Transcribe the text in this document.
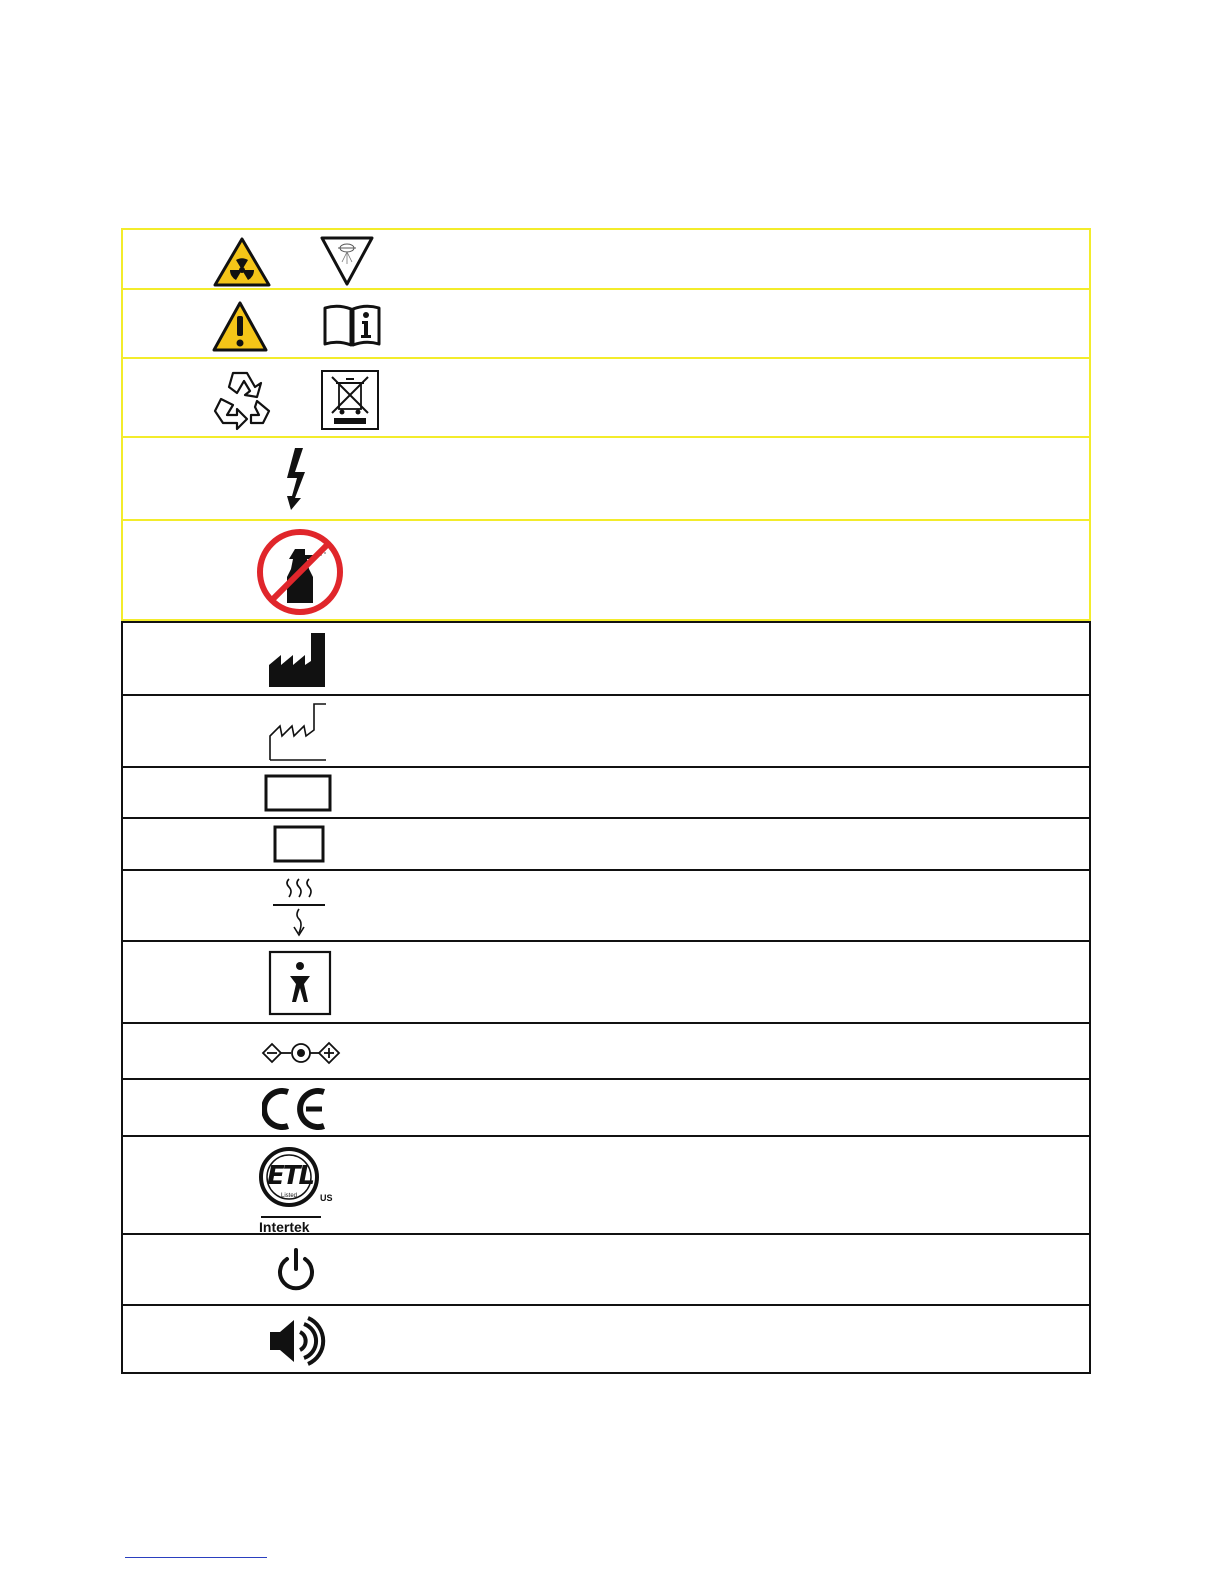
ETL
Listed	US
Intertek
